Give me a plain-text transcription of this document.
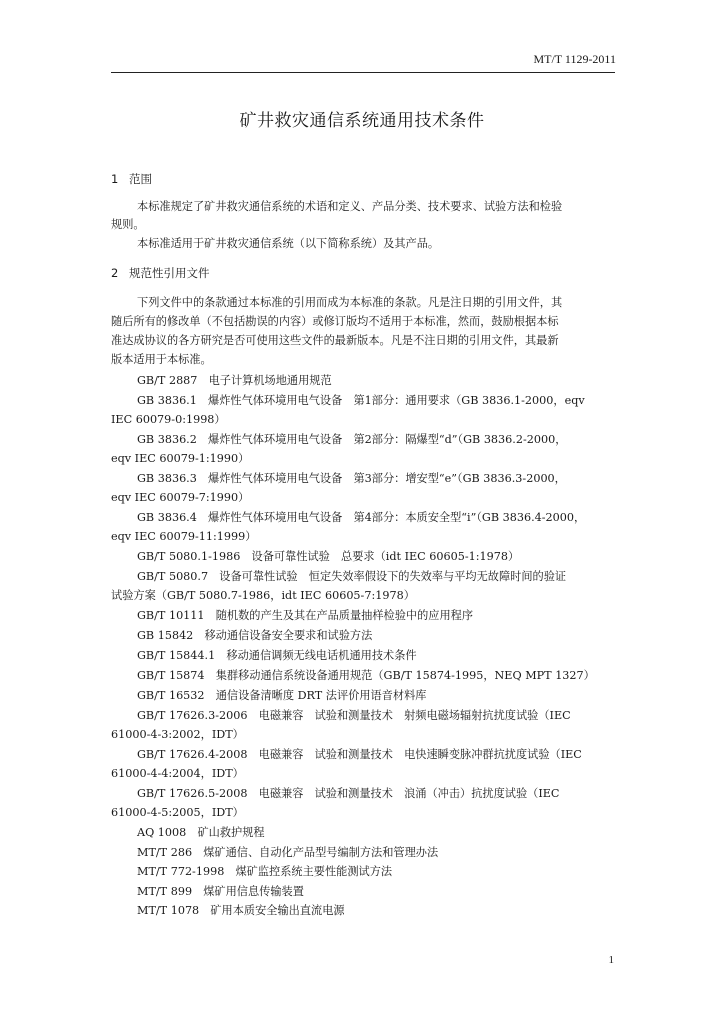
MT/T 1129-2011
矿井救灾通信系统通用技术条件
1 范围
本标准规定了矿井救灾通信系统的术语和定义、产品分类、技术要求、试验方法和检验
规则。
本标准适用于矿井救灾通信系统（以下简称系统）及其产品。
2 规范性引用文件
下列文件中的条款通过本标准的引用而成为本标准的条款。凡是注日期的引用文件，其
随后所有的修改单（不包括勘误的内容）或修订版均不适用于本标准，然而，鼓励根据本标
准达成协议的各方研究是否可使用这些文件的最新版本。凡是不注日期的引用文件，其最新
版本适用于本标准。
GB/T 2887　电子计算机场地通用规范
GB 3836.1　爆炸性气体环境用电气设备　第1部分：通用要求（GB 3836.1-2000，eqv
IEC 60079-0:1998）
GB 3836.2　爆炸性气体环境用电气设备　第2部分：隔爆型“d”（GB 3836.2-2000，
eqv IEC 60079-1:1990）
GB 3836.3　爆炸性气体环境用电气设备　第3部分：增安型“e”（GB 3836.3-2000，
eqv IEC 60079-7:1990）
GB 3836.4　爆炸性气体环境用电气设备　第4部分：本质安全型“i”（GB 3836.4-2000，
eqv IEC 60079-11:1999）
GB/T 5080.1-1986　设备可靠性试验　总要求（idt IEC 60605-1:1978）
GB/T 5080.7　设备可靠性试验　恒定失效率假设下的失效率与平均无故障时间的验证
试验方案（GB/T 5080.7-1986，idt IEC 60605-7:1978）
GB/T 10111　随机数的产生及其在产品质量抽样检验中的应用程序
GB 15842　移动通信设备安全要求和试验方法
GB/T 15844.1　移动通信调频无线电话机通用技术条件
GB/T 15874　集群移动通信系统设备通用规范（GB/T 15874-1995，NEQ MPT 1327）
GB/T 16532　通信设备清晰度 DRT 法评价用语音材料库
GB/T 17626.3-2006　电磁兼容　试验和测量技术　射频电磁场辐射抗扰度试验（IEC
61000-4-3:2002，IDT）
GB/T 17626.4-2008　电磁兼容　试验和测量技术　电快速瞬变脉冲群抗扰度试验（IEC
61000-4-4:2004，IDT）
GB/T 17626.5-2008　电磁兼容　试验和测量技术　浪涌（冲击）抗扰度试验（IEC
61000-4-5:2005，IDT）
AQ 1008　矿山救护规程
MT/T 286　煤矿通信、自动化产品型号编制方法和管理办法
MT/T 772-1998　煤矿监控系统主要性能测试方法
MT/T 899　煤矿用信息传输装置
MT/T 1078　矿用本质安全输出直流电源
1
